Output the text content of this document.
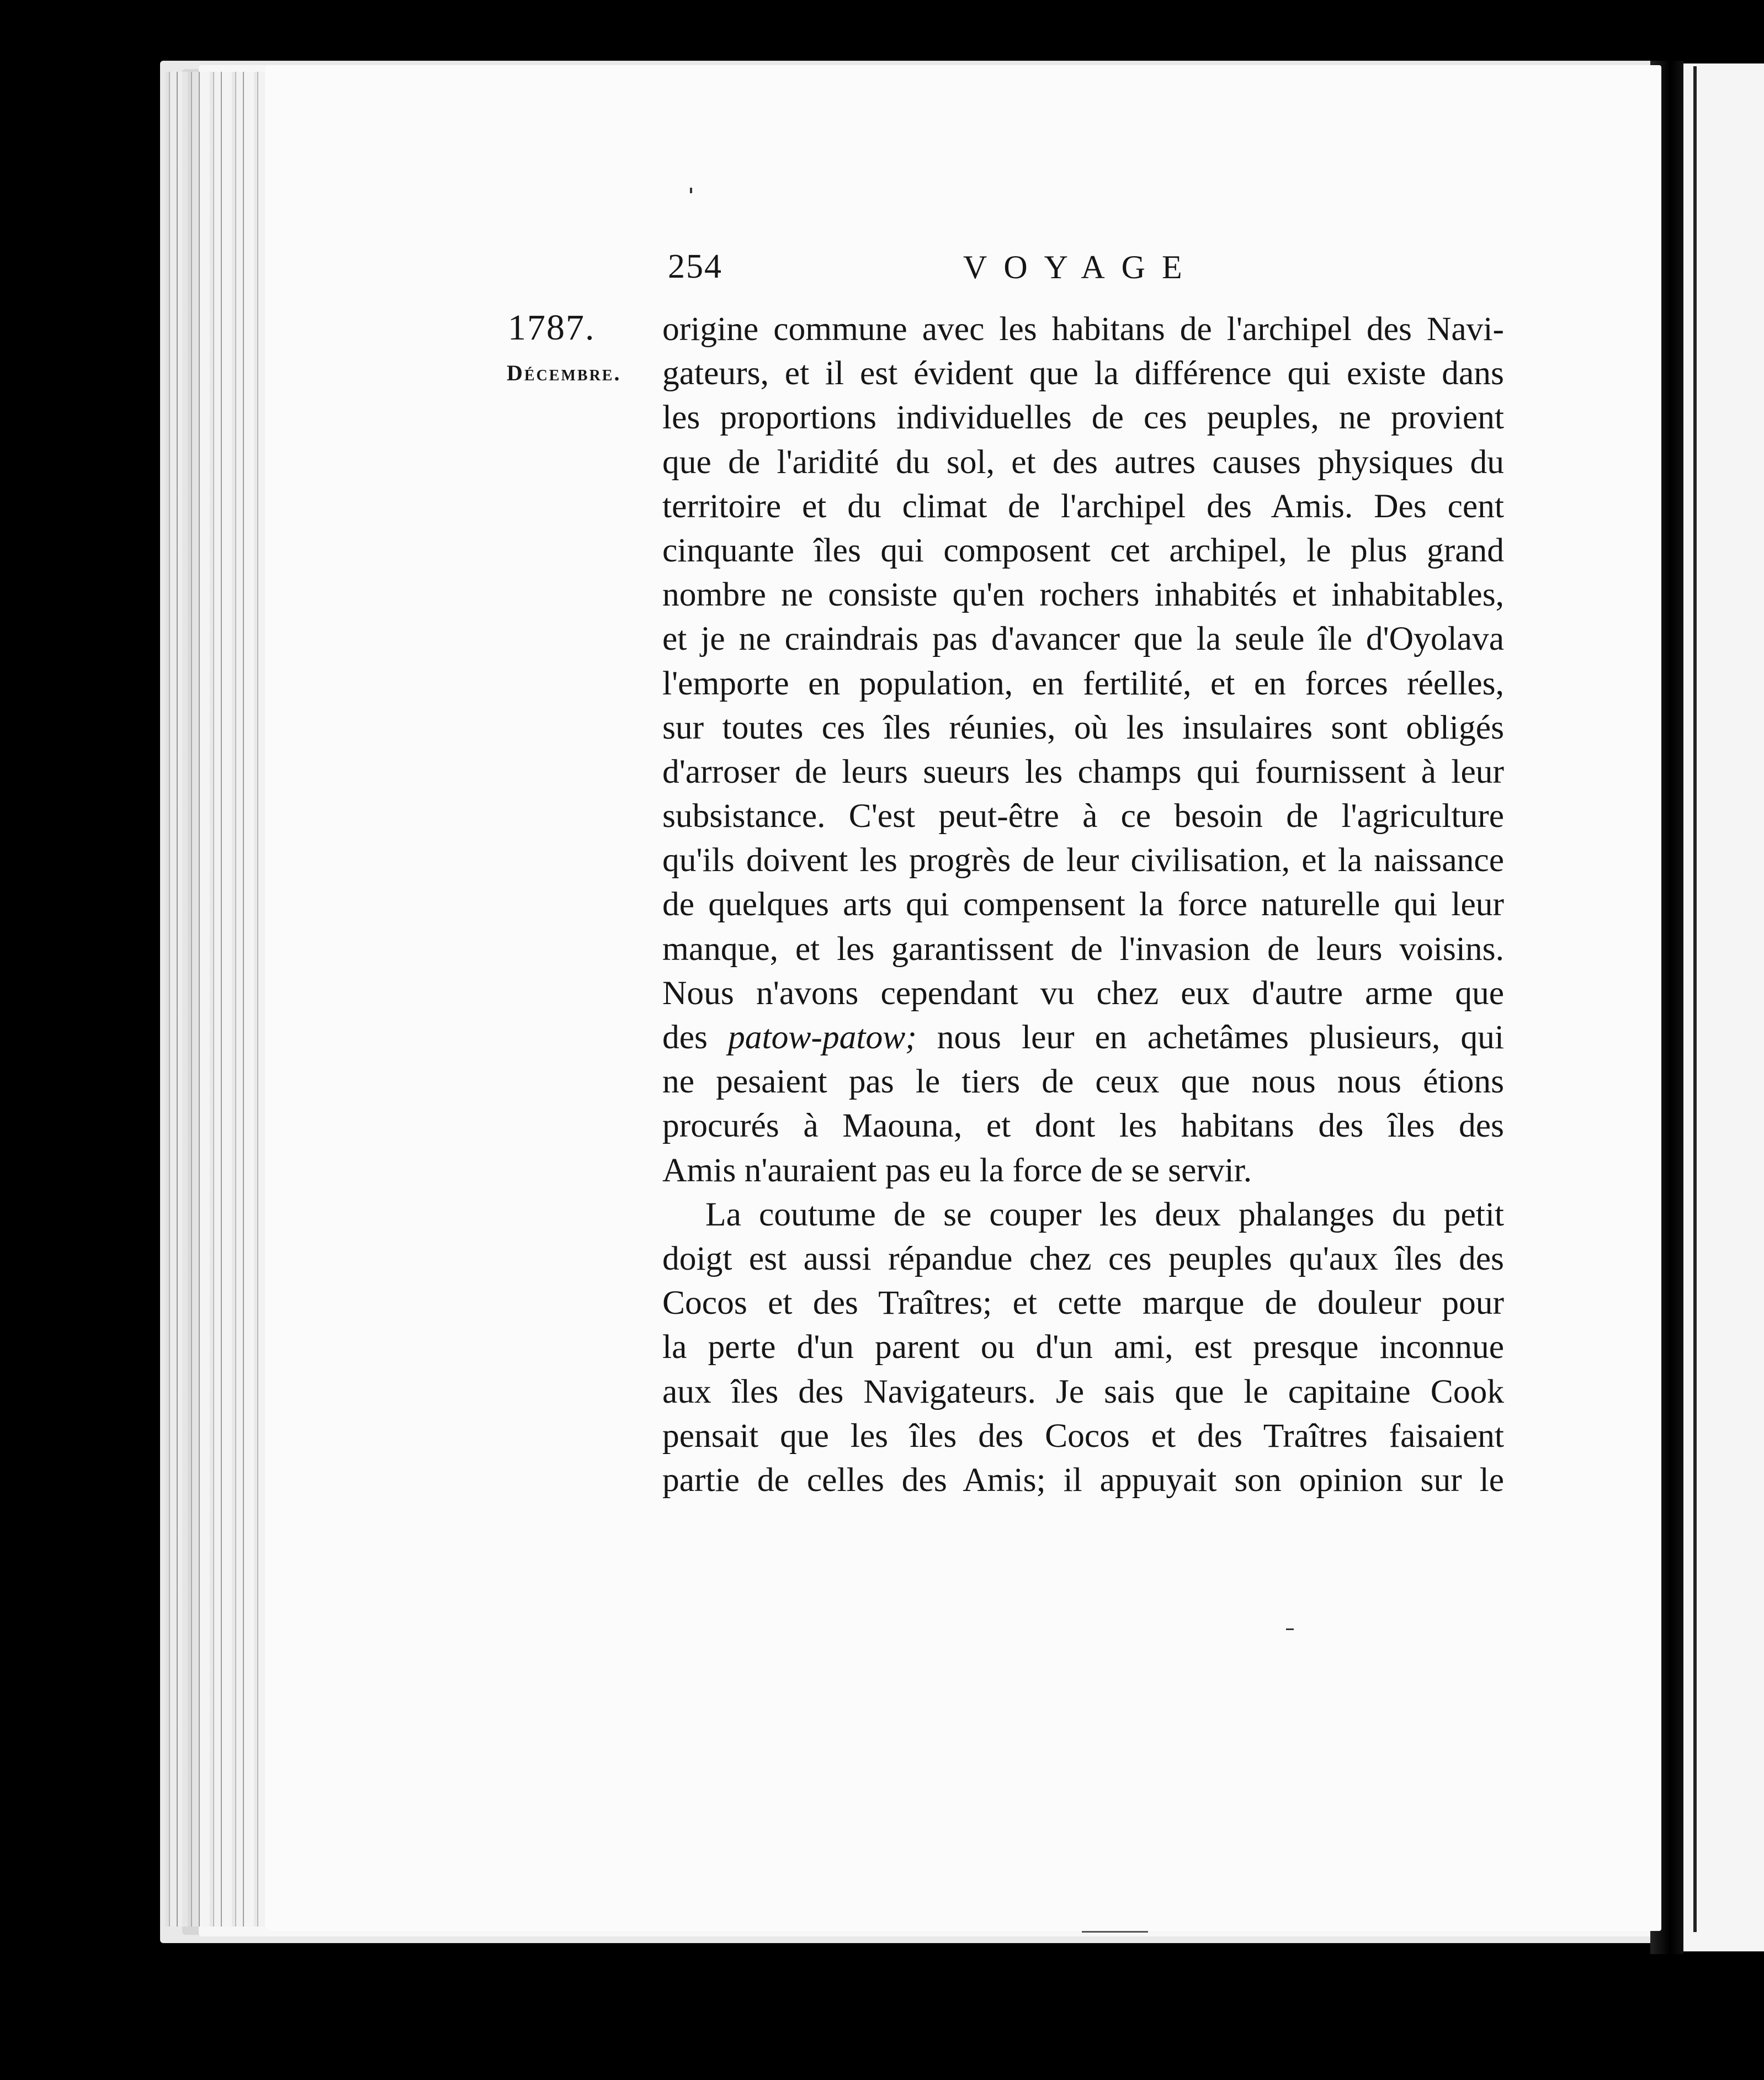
254	VOYAGE
1787.
Décembre.
origine commune avec les habitans de l'archipel des Navi-
gateurs, et il est évident que la différence qui existe dans
les proportions individuelles de ces peuples, ne provient
que de l'aridité du sol, et des autres causes physiques du
territoire et du climat de l'archipel des Amis. Des cent
cinquante îles qui composent cet archipel, le plus grand
nombre ne consiste qu'en rochers inhabités et inhabitables,
et je ne craindrais pas d'avancer que la seule île d'Oyolava
l'emporte en population, en fertilité, et en forces réelles,
sur toutes ces îles réunies, où les insulaires sont obligés
d'arroser de leurs sueurs les champs qui fournissent à leur
subsistance. C'est peut-être à ce besoin de l'agriculture
qu'ils doivent les progrès de leur civilisation, et la naissance
de quelques arts qui compensent la force naturelle qui leur
manque, et les garantissent de l'invasion de leurs voisins.
Nous n'avons cependant vu chez eux d'autre arme que
des patow-patow; nous leur en achetâmes plusieurs, qui
ne pesaient pas le tiers de ceux que nous nous étions
procurés à Maouna, et dont les habitans des îles des
Amis n'auraient pas eu la force de se servir.
La coutume de se couper les deux phalanges du petit
doigt est aussi répandue chez ces peuples qu'aux îles des
Cocos et des Traîtres; et cette marque de douleur pour
la perte d'un parent ou d'un ami, est presque inconnue
aux îles des Navigateurs. Je sais que le capitaine Cook
pensait que les îles des Cocos et des Traîtres faisaient
partie de celles des Amis; il appuyait son opinion sur le
